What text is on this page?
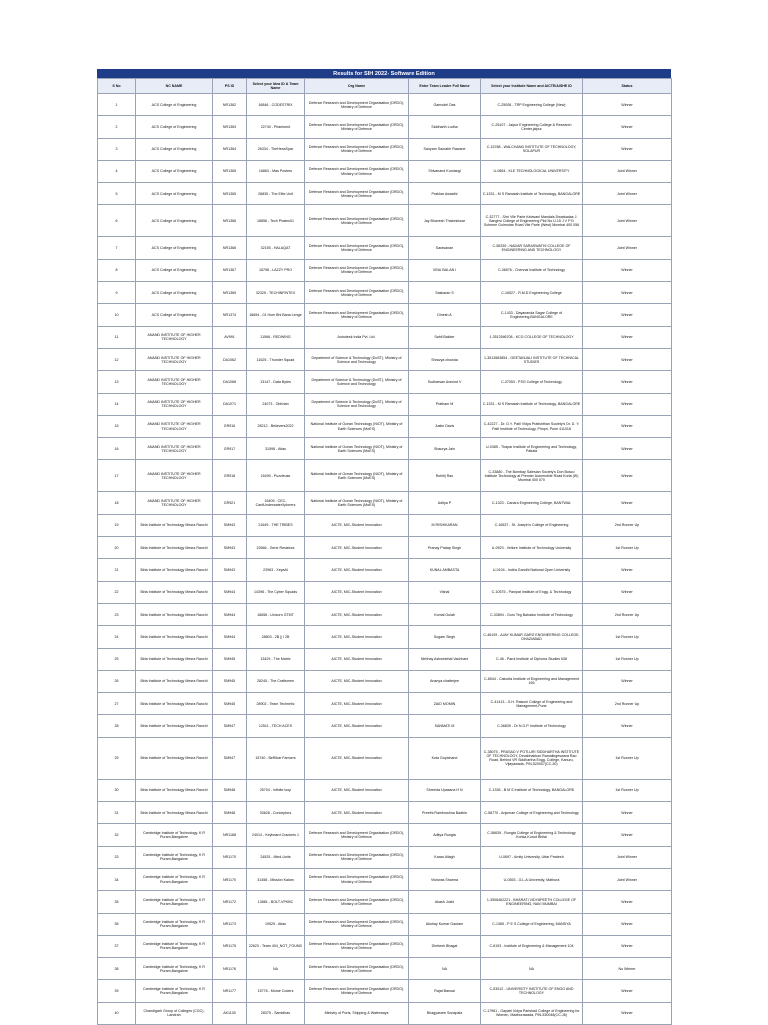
Results for SIH 2022- Software Edition
S No	NC NAME	PS ID	Select your Idea ID & Team Name	Org Name	Enter Team Leader Full Name	Select your Institute Name and AICTE/AISHE ID	Status
1	ACS College of Engineering	NR1362	16846 - CODESTRIX	Defence Research and Development Organisation (DRDO), Ministry of Defence	Gamodel Das	C-25008 - TRP Engineering College (New)	Winner
2	ACS College of Engineering	NR1363	22740 - Phantom#	Defence Research and Development Organisation (DRDO), Ministry of Defence	Siddharth Lodha	C-25107 - Jaipur Engineering College & Research Center,jaipur	Winner
3	ACS College of Engineering	NR1364	26334 - TheHexaSpar	Defence Research and Development Organisation (DRDO), Ministry of Defence	Sanyam Saurabh Rawane	C-15788 - WALCHAND INSTITUTE OF TECHNOLOGY, SOLAPUR	Winner
4	ACS College of Engineering	NR1365	16863 - Mas Posters	Defence Research and Development Organisation (DRDO), Ministry of Defence	Shivanand Kundargi	U-0854 - KLE TECHNOLOGICAL UNIVERSITY	Joint Winner
5	ACS College of Engineering	NR1365	26835 - The Elite Unit	Defence Research and Development Organisation (DRDO), Ministry of Defence	Prakhar Awasthi	C-1331 - M S Ramaiah Institute of Technology, BANGALORE	Joint Winner
6	ACS College of Engineering	NR1366	18856 - Tech Pirates01	Defence Research and Development Organisation (DRDO), Ministry of Defence	Jay Bhavesh Thakeshwar	C-32777 - Shri Vile Parle Kelavani Mandals Dwarkadas J. Sanghvi College of Engineering Plot No U-15 J V P D Scheme Gulmohar Road Vile Parle (West) Mumbai 400 056	Joint Winner
7	ACS College of Engineering	NR1366	32155 - HALAQAT	Defence Research and Development Organisation (DRDO), Ministry of Defence	Saravanan	C-56339 - NADAR SARASWATHI COLLEGE OF ENGINEERING AND TECHNOLOGY	Joint Winner
8	ACS College of Engineering	NR1367	18798 - LAZZY PRO	Defence Research and Development Organisation (DRDO), Ministry of Defence	VINU BALAN I	C-36576 - Chennai Institute of Technology	Winner
9	ACS College of Engineering	NR1369	32325 - TECHINFINTEX	Defence Research and Development Organisation (DRDO), Ministry of Defence	Saskaran S	C-16527 - R.M.D Engineering College	Winner
10	ACS College of Engineering	NR1374	16654 - 01 Hum Bhi Bana Lenge	Defence Research and Development Organisation (DRDO), Ministry of Defence	Dinesh A	C-1433 - Dayananda Sagar College of Engineering,BANGALORE	Winner
11	ANAND INSTITUTE OF HIGHER TECHNOLOGY	AV991	11566 - REDWING	Autodesk India Pvt. Ltd.	Sahil Bakker	1-3512546708 - KCG COLLEGE OF TECHNOLOGY	Winner
12	ANAND INSTITUTE OF HIGHER TECHNOLOGY	DA1062	11625 - Thunder Squad	Department of Science & Technology (DoST), Ministry of Science and Technology	Shravya chowda	1-3512663854 - GEETANJALI INSTITUTE OF TECHNICAL STUDIES	Winner
13	ANAND INSTITUTE OF HIGHER TECHNOLOGY	DA1068	13147 - Data Bytes	Department of Science & Technology (DoST), Ministry of Science and Technology	Sudharsan Aravind V	C-37053 - PSG College of Technology	Winner
14	ANAND INSTITUTE OF HIGHER TECHNOLOGY	DA1071	24073 - Oblivian	Department of Science & Technology (DoST), Ministry of Science and Technology	Pratham M	C-1331 - M S Ramaiah Institute of Technology, BANGALORE	Winner
15	ANAND INSTITUTE OF HIGHER TECHNOLOGY	GR916	28212 - Believers2022	National Institute of Ocean Technology (NIOT), Ministry of Earth Sciences (MoES)	Justin Davis	C-42227 - Dr. D.Y. Patil Vidya Pratishthan Society's Dr. D. Y. Patil Institute of Technology, Pimpri, Pune 411018	Winner
16	ANAND INSTITUTE OF HIGHER TECHNOLOGY	GR917	31598 - Aitas	National Institute of Ocean Technology (NIOT), Ministry of Earth Sciences (MoES)	Shaurya Jain	U-0385 - Thapar Institute of Engineering and Technology, Patiala	Winner
17	ANAND INSTITUTE OF HIGHER TECHNOLOGY	GR918	16499 - Puzzleuse	National Institute of Ocean Technology (NIOT), Ministry of Earth Sciences (MoES)	Rohitij Rao	C-33880 - The Bombay Salesian Society's Don Bosco Institute Technology at Premier Automobile Road Kurla (W) Mumbai 400 070	Winner
18	ANAND INSTITUTE OF HIGHER TECHNOLOGY	GR921	16409 - CEC-CardUnderwaterXplorers	National Institute of Ocean Technology (NIOT), Ministry of Earth Sciences (MoES)	Aditya P	C-1323 - Canara Engineering College, BANTWAL	Winner
19	Birla Institute of Technology Mesra Ranchi	SM943	21649 - THE TRIBES	AICTE, MIC-Student Innovation	M RISHIKARAN	C-16537 - St. Joseph's College of Engineering	2nd Runner Up
20	Birla Institute of Technology Mesra Ranchi	SM943	22666 - Gene Resistors	AICTE, MIC-Student Innovation	Pranay Pratap Singh	U-0923 - Vellore Institute of Technology University	1st Runner Up
21	Birla Institute of Technology Mesra Ranchi	SM943	23963 - XeyaAI	AICTE, MIC-Student Innovation	KUNAL AMBASTA	U-0104 - Indira Gandhi National Open University	Winner
22	Birla Institute of Technology Mesra Ranchi	SM944	14398 - The Cyber Squads	AICTE, MIC-Student Innovation	Vishal	C-10575 - Panipat Institute of Engg. & Technology	Winner
23	Birla Institute of Technology Mesra Ranchi	SM944	16656 - Unicorn GTMT	AICTE, MIC-Student Innovation	Komal Gulati	C-33894 - Guru Teg Bahadur Institute of Technology	2nd Runner Up
24	Birla Institute of Technology Mesra Ranchi	SM944	28803 - 2B || I 2B	AICTE, MIC-Student Innovation	Sugam Singh	C-46109 - AJAY KUMAR GARG ENGINEERING COLLEGE, GHAZIABAD	1st Runner Up
25	Birla Institute of Technology Mesra Ranchi	SM945	13429 - The Matrix	AICTE, MIC-Student Innovation	Nirbhay Ashwinbhai Vachhani	C-46 - Parul Institute of Diploma Studies 638	1st Runner Up
26	Birla Institute of Technology Mesra Ranchi	SM945	28245 - The Craftsmen	AICTE, MIC-Student Innovation	Ananya chatterjee	C-6544 - Calcutta Institute of Engineering and Management 165	Winner
27	Birla Institute of Technology Mesra Ranchi	SM945	28902 - Team Technetic	AICTE, MIC-Student Innovation	ZAID MOMIN	C-41413 - G.H. Raisoni College of Engineering and Management,Pune	2nd Runner Up
28	Birla Institute of Technology Mesra Ranchi	SM947	12511 - TECH ACES	AICTE, MIC-Student Innovation	SANMATI M	C-36839 - Dr N.G.P. Institute of Technology	Winner
29	Birla Institute of Technology Mesra Ranchi	SM947	15740 - BeRikar Farmers	AICTE, MIC-Student Innovation	Kota Gopichand	C-38075 - PRASAD V POTLURI SIDDHARTHA INSTITUTE OF TECHNOLOGY, Devabhaktuni Ramalingeswara Rao Road, Behind VR Siddhartha Engg. College, Kanuru, Vijayawada, PIN-520007(CC-30)	1st Runner Up
30	Birla Institute of Technology Mesra Ranchi	SM948	25704 - infinite loop	AICTE, MIC-Student Innovation	Shreeda Upasana H N	C-1336 - B M S Institute of Technology, BANGALORE	1st Runner Up
31	Birla Institute of Technology Mesra Ranchi	SM948	30628 - Conceptors	AICTE, MIC-Student Innovation	Preethi Ramkrushna Badble	C-58770 - Anjuman College of Engineering and Technology	Winner
32	Cambridge Institute of Technology, K R Puram,Bangalore	NR1168	24014 - Keyboard Crackers 1	Defence Research and Development Organisation (DRDO), Ministry of Defence	Aditya Rungta	C-56639 - Rungta College of Engineering & Technology Kohka Kurud Bhilai	Winner
33	Cambridge Institute of Technology, K R Puram,Bangalore	NR1170	24525 - Mind-Units	Defence Research and Development Organisation (DRDO), Ministry of Defence	Karan Allagh	U-0697 - Amity University, Uttar Pradesh	Joint Winner
34	Cambridge Institute of Technology, K R Puram,Bangalore	NR1170	31458 - Mission Kalam	Defence Research and Development Organisation (DRDO), Ministry of Defence	Vishwas Sharma	U-0553 - G.L.A University, Mathura	Joint Winner
35	Cambridge Institute of Technology, K R Puram,Bangalore	NR1172	13881 - BOLT-VPKBC	Defence Research and Development Organisation (DRDO), Ministry of Defence	Akash Joshi	1-3508462221 - BHARATI VIDYAPEETH COLLEGE OF ENGINEERING, NAVI MUMBAI	Winner
36	Cambridge Institute of Technology, K R Puram,Bangalore	NR1173	19525 - Atlas	Defence Research and Development Organisation (DRDO), Ministry of Defence	Akshay Kumar Gautam	C-1365 - P E S College of Engineering, MANDYA	Winner
37	Cambridge Institute of Technology, K R Puram,Bangalore	NR1175	22623 - Team 404_NOT_FOUND	Defence Research and Development Organisation (DRDO), Ministry of Defence	Dhritesh Bhagat	C-6193 - Institute of Engineering & Management 104	Winner
38	Cambridge Institute of Technology, K R Puram,Bangalore	NR1176	NA	Defence Research and Development Organisation (DRDO), Ministry of Defence	NA	NA	No Winner
39	Cambridge Institute of Technology, K R Puram,Bangalore	NR1177	15776 - Morse Coders	Defence Research and Development Organisation (DRDO), Ministry of Defence	Rajat Bansal	C-53012 - UNIVERSITY INSTITUTE OF ENGG AND TECHNOLOGY	Winner
40	Chandigarh Group of Colleges (CGC), Landran	AK1130	28375 - Samidhas	Ministry of Ports, Shipping & Waterways	Bhagyasree Sonapala	C-17961 - Gayatri Vidya Parishad College of Engineering for Women, Madhurawada, PIN-530048(CC-J6)	Winner
